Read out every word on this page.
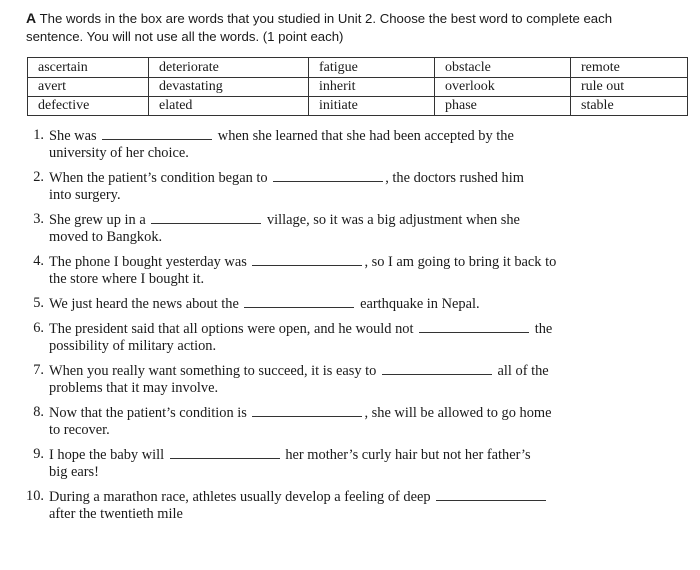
A The words in the box are words that you studied in Unit 2. Choose the best word to complete each sentence. You will not use all the words. (1 point each)
ascertain	deteriorate	fatigue	obstacle	remote
avert	devastating	inherit	overlook	rule out
defective	elated	initiate	phase	stable
1. She was	when she learned that she had been accepted by the
university of her choice.
2. When the patient’s condition began to	, the doctors rushed him
into surgery.
3. She grew up in a	village, so it was a big adjustment when she
moved to Bangkok.
4. The phone I bought yesterday was	, so I am going to bring it back to
the store where I bought it.
5. We just heard the news about the	earthquake in Nepal.
6. The president said that all options were open, and he would not	the
possibility of military action.
7. When you really want something to succeed, it is easy to	all of the
problems that it may involve.
8. Now that the patient’s condition is	, she will be allowed to go home
to recover.
9. I hope the baby will	her mother’s curly hair but not her father’s
big ears!
10. During a marathon race, athletes usually develop a feeling of deep
after the twentieth mile
